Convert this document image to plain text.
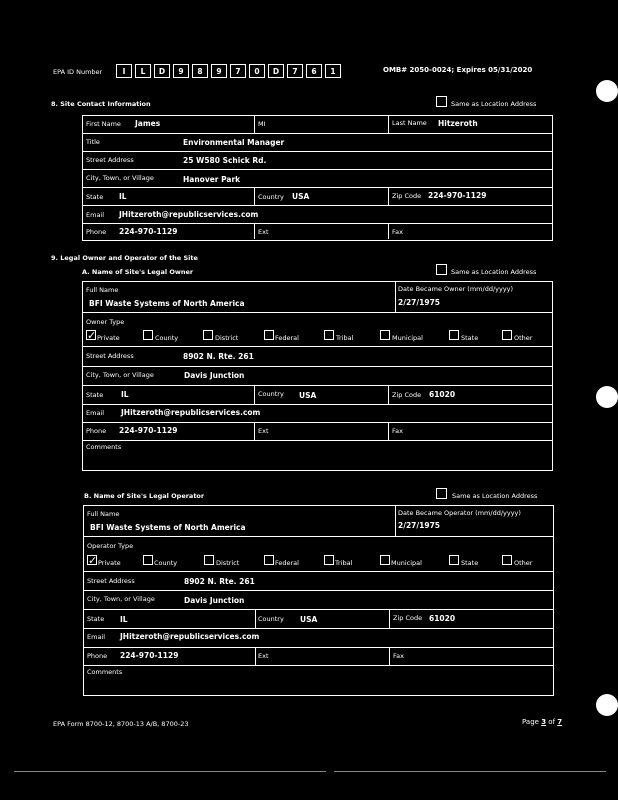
EPA ID Number	I	L	D	9	8	9	7	0	D	7	6	1	OMB# 2050-0024; Expires 05/31/2020
8. Site Contact Information	Same as Location Address
First Name James	MI	Last Name Hitzeroth
Title	Environmental Manager
Street Address	25 W580 Schick Rd.
City, Town, or Village	Hanover Park
State IL	Country USA	Zip Code 224-970-1129
Email JHitzeroth@republicservices.com
Phone 224-970-1129	Ext	Fax
9. Legal Owner and Operator of the Site
A. Name of Site's Legal Owner	Same as Location Address
Full Name
BFI Waste Systems of North America
Date Became Owner (mm/dd/yyyy)
2/27/1975
Owner Type
✓ Private	County	District	Federal	Tribal	Municipal	State	Other
Street Address	8902 N. Rte. 261
City, Town, or Village	Davis Junction
State IL	Country USA	Zip Code 61020
Email JHitzeroth@republicservices.com
Phone 224-970-1129	Ext	Fax
Comments
B. Name of Site's Legal Operator	Same as Location Address
Full Name
BFI Waste Systems of North America
Date Became Operator (mm/dd/yyyy)
2/27/1975
Operator Type
✓ Private	County	District	Federal	Tribal	Municipal	State	Other
Street Address	8902 N. Rte. 261
City, Town, or Village	Davis Junction
State IL	Country USA	Zip Code 61020
Email JHitzeroth@republicservices.com
Phone 224-970-1129	Ext	Fax
Comments
EPA Form 8700-12, 8700-13 A/B, 8700-23	Page 3 of 7
